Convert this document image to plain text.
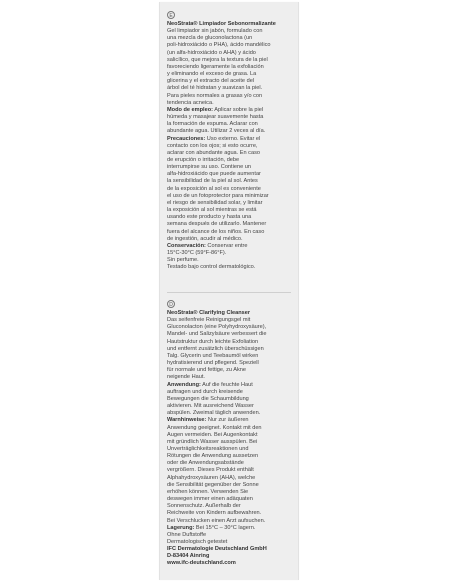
E
NeoStrata® Limpiador Sebonormalizante
Gel limpiador sin jabón, formulado con
una mezcla de gluconolactona (un
poli-hidroxiácido o PHA), ácido mandélico
(un alfa-hidroxiácido o AHA) y ácido
salicílico, que mejora la textura de la piel
favoreciendo ligeramente la exfoliación
y eliminando el exceso de grasa. La
glicerina y el extracto del aceite del
árbol del té hidratan y suavizan la piel.
Para pieles normales a grasas y/o con
tendencia acneica.
Modo de empleo: Aplicar sobre la piel
húmeda y masajear suavemente hasta
la formación de espuma. Aclarar con
abundante agua. Utilizar 2 veces al día.
Precauciones: Uso externo. Evitar el
contacto con los ojos; si esto ocurre,
aclarar con abundante agua. En caso
de erupción o irritación, debe
interrumpirse su uso. Contiene un
alfa-hidroxiácido que puede aumentar
la sensibilidad de la piel al sol. Antes
de la exposición al sol es conveniente
el uso de un fotoprotector para minimizar
el riesgo de sensibilidad solar, y limitar
la exposición al sol mientras se está
usando este producto y hasta una
semana después de utilizarlo. Mantener
fuera del alcance de los niños. En caso
de ingestión, acudir al médico.
Conservación: Conservar entre
15°C-30°C (59°F-86°F).
Sin perfume.
Testado bajo control dermatológico.
D
NeoStrata® Clarifying Cleanser
Das seifenfreie Reinigungsgel mit
Gluconolacton (eine Polyhydroxysäure),
Mandel- und Salizylsäure verbessert die
Hautstruktur durch leichte Exfoliation
und entfernt zusätzlich überschüssigen
Talg. Glycerin und Teebaumöl wirken
hydratisierend und pflegend. Speziell
für normale und fettige, zu Akne
neigende Haut.
Anwendung: Auf die feuchte Haut
auftragen und durch kreisende
Bewegungen die Schaumbildung
aktivieren. Mit ausreichend Wasser
abspülen. Zweimal täglich anwenden.
Warnhinweise: Nur zur äußeren
Anwendung geeignet. Kontakt mit den
Augen vermeiden. Bei Augenkontakt
mit gründlich Wasser ausspülen. Bei
Unverträglichkeitsreaktionen und
Rötungen die Anwendung aussetzen
oder die Anwendungsabstände
vergrößern. Dieses Produkt enthält
Alphahydroxysäuren (AHA), welche
die Sensibilität gegenüber der Sonne
erhöhen können. Verwenden Sie
deswegen immer einen adäquaten
Sonnenschutz. Außerhalb der
Reichweite von Kindern aufbewahren.
Bei Verschlucken einen Arzt aufsuchen.
Lagerung: Bei 15°C – 30°C lagern.
Ohne Duftstoffe
Dermatologisch getestet
IFC Dermatologie Deutschland GmbH
D-83404 Ainring
www.ifc-deutschland.com
